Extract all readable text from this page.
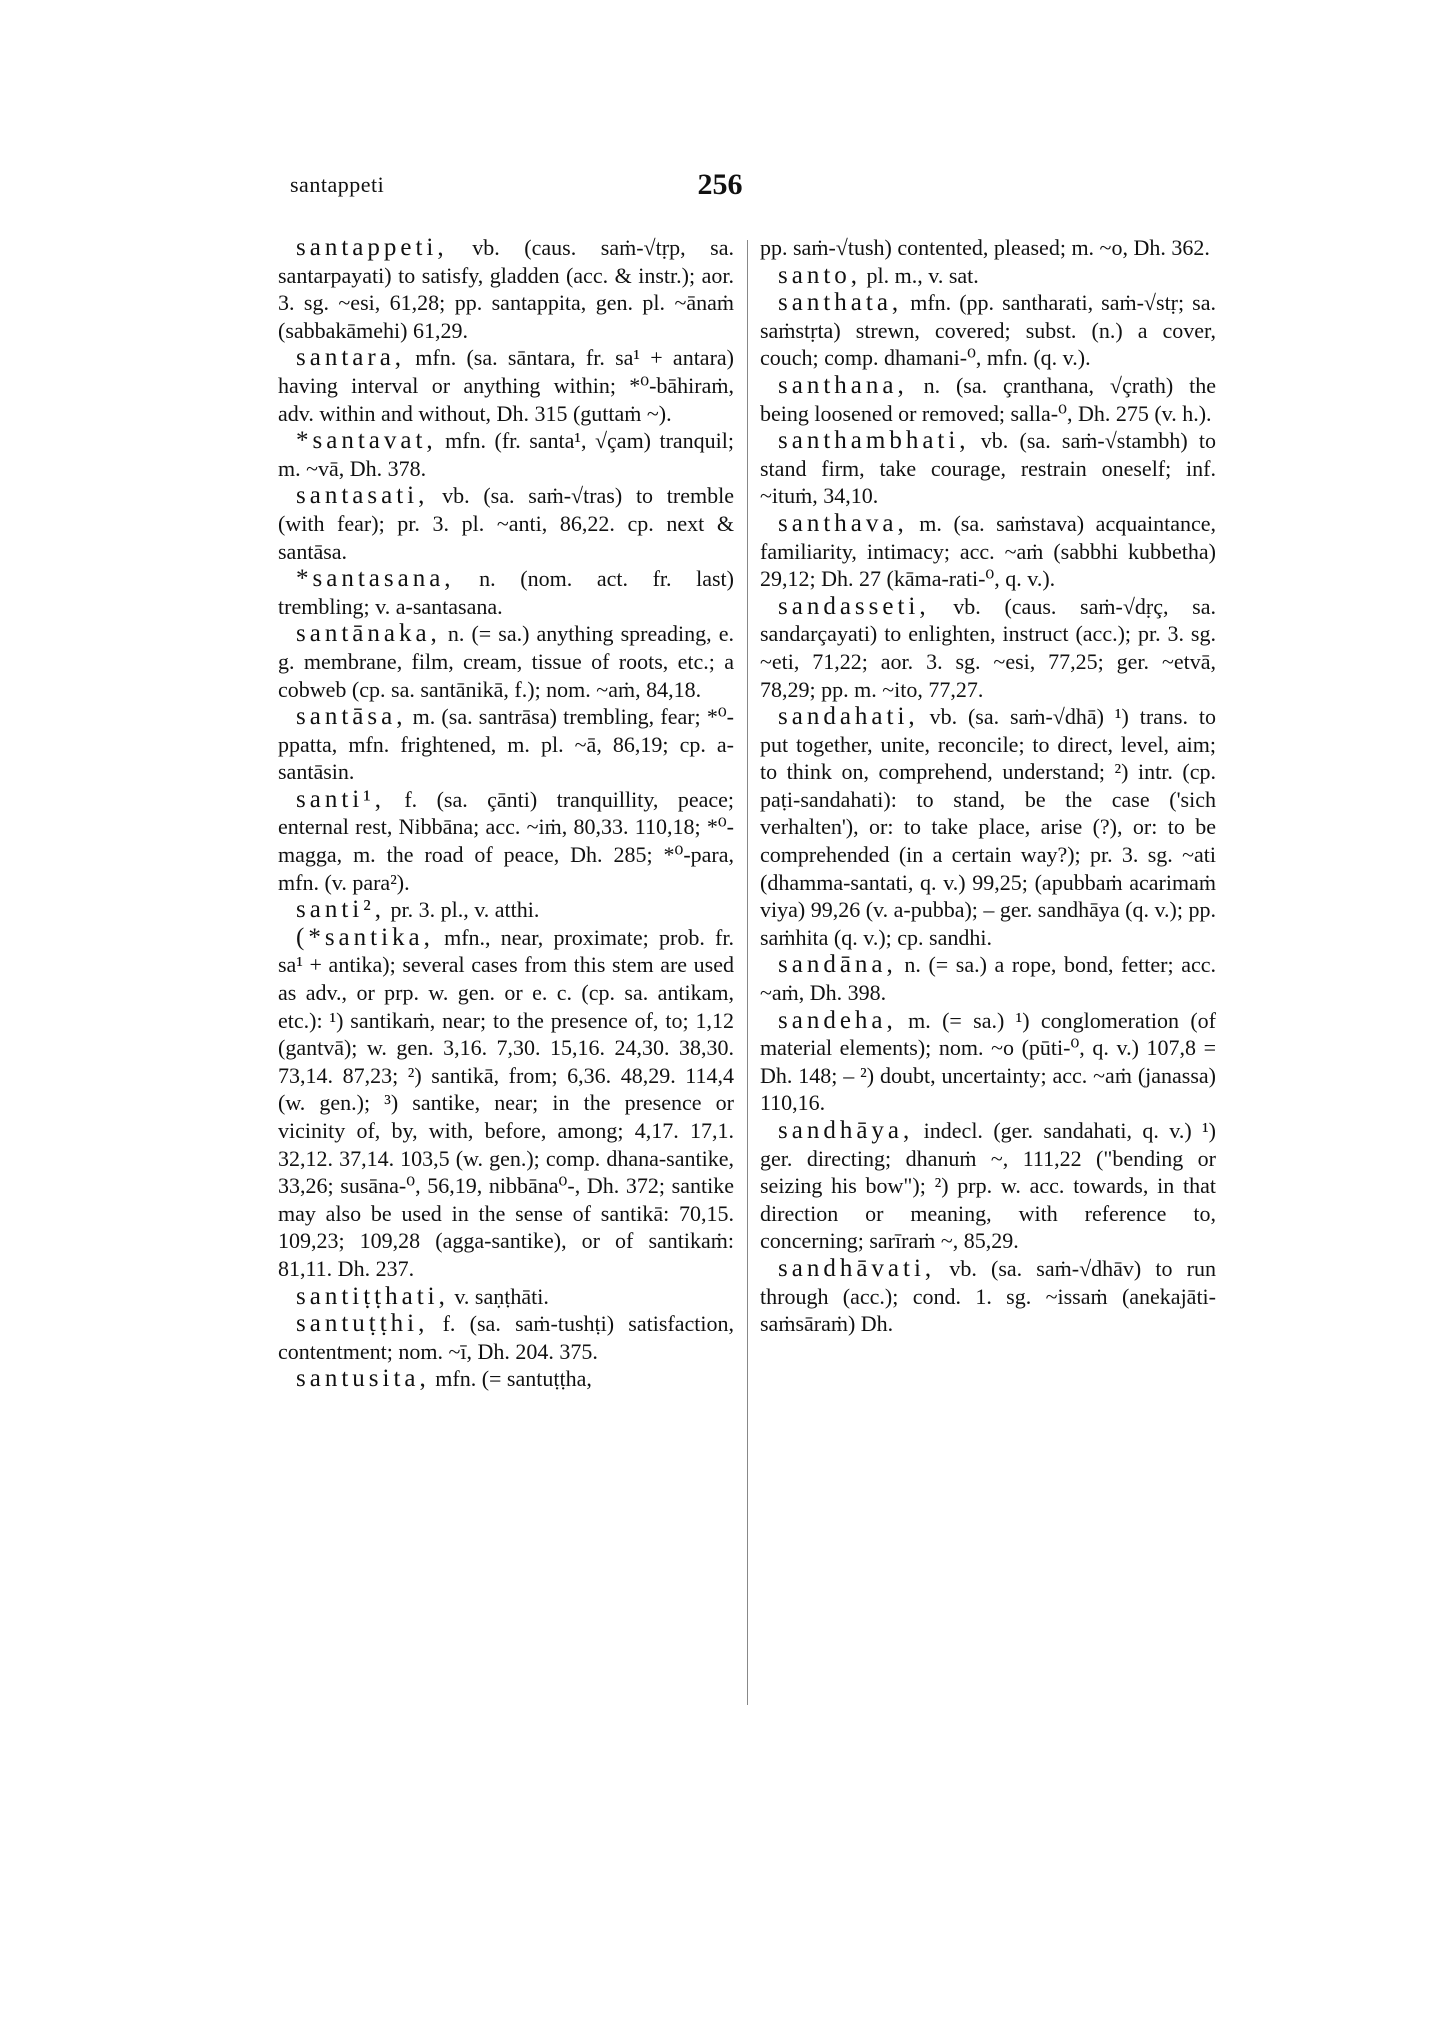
santappeti	256

santappeti, vb. (caus. saṁ-√tṛp, sa. santarpayati) to satisfy, gladden (acc. & instr.); aor. 3. sg. ~esi, 61,28; pp. santappita, gen. pl. ~ānaṁ (sabbakāmehi) 61,29.

santara, mfn. (sa. sāntara, fr. sa¹ + antara) having interval or anything within; *⁰-bāhiraṁ, adv. within and without, Dh. 315 (guttaṁ ~).

*santavat, mfn. (fr. santa¹, √çam) tranquil; m. ~vā, Dh. 378.

santasati, vb. (sa. saṁ-√tras) to tremble (with fear); pr. 3. pl. ~anti, 86,22. cp. next & santāsa.

*santasana, n. (nom. act. fr. last) trembling; v. a-santasana.

santānaka, n. (= sa.) anything spreading, e. g. membrane, film, cream, tissue of roots, etc.; a cobweb (cp. sa. santānikā, f.); nom. ~aṁ, 84,18.

santāsa, m. (sa. santrāsa) trembling, fear; *⁰-ppatta, mfn. frightened, m. pl. ~ā, 86,19; cp. a-santāsin.

santi¹, f. (sa. çānti) tranquillity, peace; enternal rest, Nibbāna; acc. ~iṁ, 80,33. 110,18; *⁰-magga, m. the road of peace, Dh. 285; *⁰-para, mfn. (v. para²).

santi², pr. 3. pl., v. atthi.

(*santika, mfn., near, proximate; prob. fr. sa¹ + antika); several cases from this stem are used as adv., or prp. w. gen. or e. c. (cp. sa. antikam, etc.): ¹) santikaṁ, near; to the presence of, to; 1,12 (gantvā); w. gen. 3,16. 7,30. 15,16. 24,30. 38,30. 73,14. 87,23; ²) santikā, from; 6,36. 48,29. 114,4 (w. gen.); ³) santike, near; in the presence or vicinity of, by, with, before, among; 4,17. 17,1. 32,12. 37,14. 103,5 (w. gen.); comp. dhana-santike, 33,26; susāna-⁰, 56,19, nibbāna⁰-, Dh. 372; santike may also be used in the sense of santikā: 70,15. 109,23; 109,28 (agga-santike), or of santikaṁ: 81,11. Dh. 237.

santiṭṭhati, v. saṇṭhāti.

santuṭṭhi, f. (sa. saṁ-tushṭi) satisfaction, contentment; nom. ~ī, Dh. 204. 375.

santusita, mfn. (= santuṭṭha,

pp. saṁ-√tush) contented, pleased; m. ~o, Dh. 362.

santo, pl. m., v. sat.

santhata, mfn. (pp. santharati, saṁ-√stṛ; sa. saṁstṛta) strewn, covered; subst. (n.) a cover, couch; comp. dhamani-⁰, mfn. (q. v.).

santhana, n. (sa. çranthana, √çrath) the being loosened or removed; salla-⁰, Dh. 275 (v. h.).

santhambhati, vb. (sa. saṁ-√stambh) to stand firm, take courage, restrain oneself; inf. ~ituṁ, 34,10.

santhava, m. (sa. saṁstava) acquaintance, familiarity, intimacy; acc. ~aṁ (sabbhi kubbetha) 29,12; Dh. 27 (kāma-rati-⁰, q. v.).

sandasseti, vb. (caus. saṁ-√dṛç, sa. sandarçayati) to enlighten, instruct (acc.); pr. 3. sg. ~eti, 71,22; aor. 3. sg. ~esi, 77,25; ger. ~etvā, 78,29; pp. m. ~ito, 77,27.

sandahati, vb. (sa. saṁ-√dhā) ¹) trans. to put together, unite, reconcile; to direct, level, aim; to think on, comprehend, understand; ²) intr. (cp. paṭi-sandahati): to stand, be the case ('sich verhalten'), or: to take place, arise (?), or: to be comprehended (in a certain way?); pr. 3. sg. ~ati (dhamma-santati, q. v.) 99,25; (apubbaṁ acarimaṁ viya) 99,26 (v. a-pubba); – ger. sandhāya (q. v.); pp. saṁhita (q. v.); cp. sandhi.

sandāna, n. (= sa.) a rope, bond, fetter; acc. ~aṁ, Dh. 398.

sandeha, m. (= sa.) ¹) conglomeration (of material elements); nom. ~o (pūti-⁰, q. v.) 107,8 = Dh. 148; – ²) doubt, uncertainty; acc. ~aṁ (janassa) 110,16.

sandhāya, indecl. (ger. sandahati, q. v.) ¹) ger. directing; dhanuṁ ~, 111,22 ("bending or seizing his bow"); ²) prp. w. acc. towards, in that direction or meaning, with reference to, concerning; sarīraṁ ~, 85,29.

sandhāvati, vb. (sa. saṁ-√dhāv) to run through (acc.); cond. 1. sg. ~issaṁ (anekajāti-saṁsāraṁ) Dh.
